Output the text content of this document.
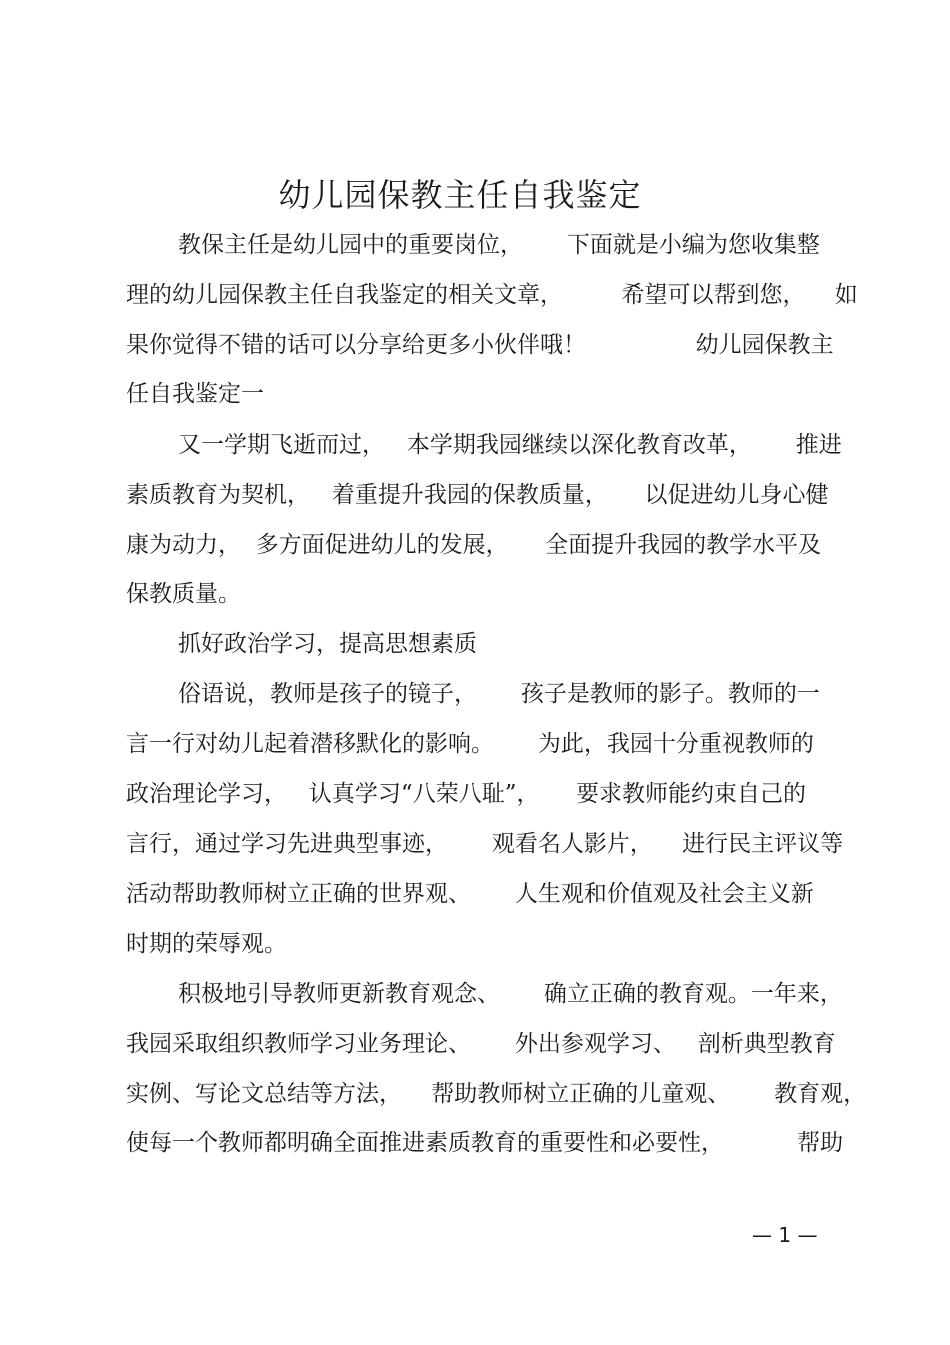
幼儿园保教主任自我鉴定

教保主任是幼儿园中的重要岗位，      下面就是小编为您收集整

理的幼儿园保教主任自我鉴定的相关文章，        希望可以帮到您，    如

果你觉得不错的话可以分享给更多小伙伴哦！               幼儿园保教主

任自我鉴定一

又一学期飞逝而过，   本学期我园继续以深化教育改革，      推进

素质教育为契机，   着重提升我园的保教质量，     以促进幼儿身心健

康为动力，  多方面促进幼儿的发展，     全面提升我园的教学水平及

保教质量。

抓好政治学习，提高思想素质

俗语说，教师是孩子的镜子，      孩子是教师的影子。教师的一

言一行对幼儿起着潜移默化的影响。      为此，我园十分重视教师的

政治理论学习，   认真学习“八荣八耻”，     要求教师能约束自己的

言行，通过学习先进典型事迹，      观看名人影片，    进行民主评议等

活动帮助教师树立正确的世界观、      人生观和价值观及社会主义新

时期的荣辱观。

积极地引导教师更新教育观念、      确立正确的教育观。一年来，

我园采取组织教师学习业务理论、      外出参观学习、   剖析典型教育

实例、写论文总结等方法，    帮助教师树立正确的儿童观、      教育观，

使每一个教师都明确全面推进素质教育的重要性和必要性，          帮助

— 1 —
